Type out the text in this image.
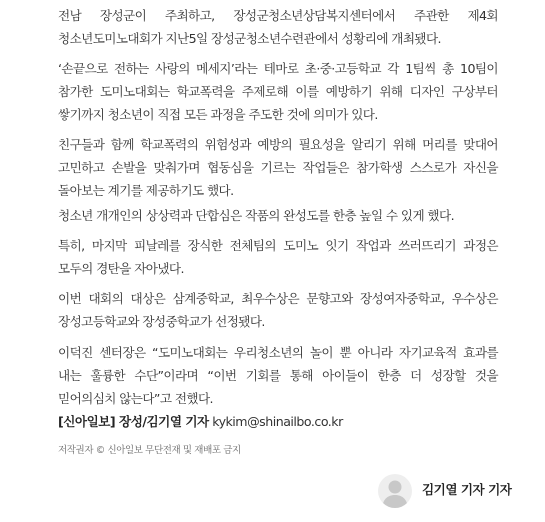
전남 장성군이 주최하고, 장성군청소년상담복지센터에서 주관한 제4회 청소년도미노대회가 지난5일 장성군청소년수련관에서 성황리에 개최됐다.

‘손끝으로 전하는 사랑의 메세지’라는 테마로 초·중·고등학교 각 1팀씩 총 10팀이 참가한 도미노대회는 학교폭력을 주제로해 이를 예방하기 위해 디자인 구상부터 쌓기까지 청소년이 직접 모든 과정을 주도한 것에 의미가 있다.

친구들과 함께 학교폭력의 위험성과 예방의 필요성을 알리기 위해 머리를 맞대어 고민하고 손발을 맞춰가며 협동심을 기르는 작업들은 참가학생 스스로가 자신을 돌아보는 계기를 제공하기도 했다.

청소년 개개인의 상상력과 단합심은 작품의 완성도를 한층 높일 수 있게 했다.

특히, 마지막 피날레를 장식한 전체팀의 도미노 잇기 작업과 쓰러뜨리기 과정은 모두의 경탄을 자아냈다.

이번 대회의 대상은 삼계중학교, 최우수상은 문향고와 장성여자중학교, 우수상은 장성고등학교와 장성중학교가 선정됐다.

이덕진 센터장은 “도미노대회는 우리청소년의 놀이 뿐 아니라 자기교육적 효과를 내는 훌륭한 수단”이라며 “이번 기회를 통해 아이들이 한층 더 성장할 것을 믿어의심치 않는다”고 전했다.

[신아일보] 장성/김기열 기자 kykim@shinailbo.co.kr
저작권자 © 신아일보 무단전재 및 재배포 금지
김기열 기자 기자
